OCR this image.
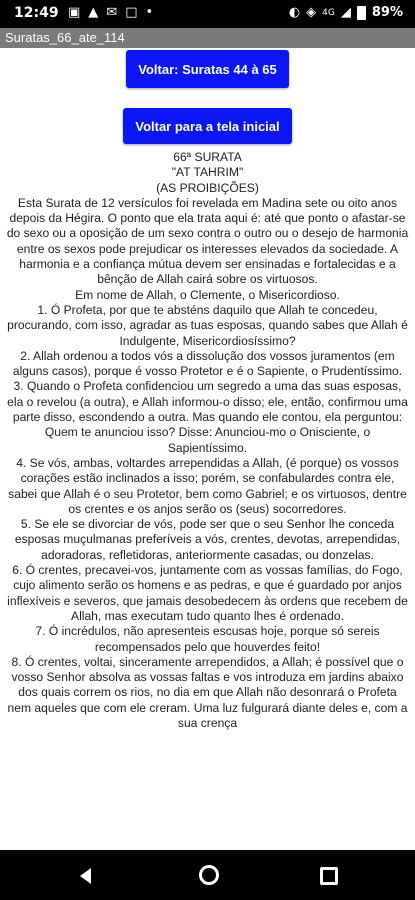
12:49 ▣ ▲ ✉ □ •	◐ ◈ 4G ◢ 89%
Suratas_66_ate_114
Voltar: Suratas 44 à 65
Voltar para a tela inicial

66ª SURATA

"AT TAHRIM"

(AS PROIBIÇÕES)

Esta Surata de 12 versículos foi revelada em Madina sete ou oito anos depois da Hégira. O ponto que ela trata aqui é: até que ponto o afastar-se do sexo ou a oposição de um sexo contra o outro ou o desejo de harmonia entre os sexos pode prejudicar os interesses elevados da sociedade. A harmonia e a confiança mútua devem ser ensinadas e fortalecidas e a bênção de Allah cairá sobre os virtuosos.

Em nome de Allah, o Clemente, o Misericordioso.

1. Ó Profeta, por que te absténs daquilo que Allah te concedeu, procurando, com isso, agradar as tuas esposas, quando sabes que Allah é Indulgente, Misericordiosíssimo?

2. Allah ordenou a todos vós a dissolução dos vossos juramentos (em alguns casos), porque é vosso Protetor e é o Sapiente, o Prudentíssimo.

3. Quando o Profeta confidenciou um segredo a uma das suas esposas, ela o revelou (a outra), e Allah informou-o disso; ele, então, confirmou uma parte disso, escondendo a outra. Mas quando ele contou, ela perguntou: Quem te anunciou isso? Disse: Anunciou-mo o Onisciente, o Sapientíssimo.

4. Se vós, ambas, voltardes arrependidas a Allah, (é porque) os vossos corações estão inclinados a isso; porém, se confabulardes contra ele, sabei que Allah é o seu Protetor, bem como Gabriel; e os virtuosos, dentre os crentes e os anjos serão os (seus) socorredores.

5. Se ele se divorciar de vós, pode ser que o seu Senhor lhe conceda esposas muçulmanas preferíveis a vós, crentes, devotas, arrependidas, adoradoras, refletidoras, anteriormente casadas, ou donzelas.

6. Ó crentes, precavei-vos, juntamente com as vossas famílias, do Fogo, cujo alimento serão os homens e as pedras, e que é guardado por anjos inflexíveis e severos, que jamais desobedecem às ordens que recebem de Allah, mas executam tudo quanto lhes é ordenado.

7. Ó incrédulos, não apresenteis escusas hoje, porque só sereis recompensados pelo que houverdes feito!

8. Ó crentes, voltai, sinceramente arrependidos, a Allah; é possível que o vosso Senhor absolva as vossas faltas e vos introduza em jardins abaixo dos quais correm os rios, no dia em que Allah não desonrará o Profeta nem aqueles que com ele creram. Uma luz fulgurará diante deles e, com a sua crença
